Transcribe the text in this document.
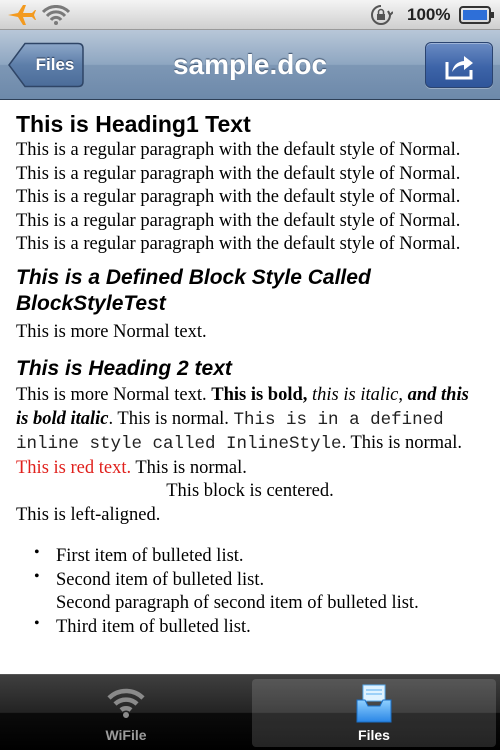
100%
sample.doc
Files
This is Heading1 Text

This is a regular paragraph with the default style of Normal. This is a regular paragraph with the default style of Normal. This is a regular paragraph with the default style of Normal. This is a regular paragraph with the default style of Normal. This is a regular paragraph with the default style of Normal.

This is a Defined Block Style Called BlockStyleTest

This is more Normal text.

This is Heading 2 text

This is more Normal text. This is bold, this is italic, and this is bold italic. This is normal. This is in a defined inline style called InlineStyle. This is normal. This is red text. This is normal.

This block is centered.

This is left-aligned.

• First item of bulleted list.
• Second item of bulleted list.
Second paragraph of second item of bulleted list.
• Third item of bulleted list.
WiFile	Files
